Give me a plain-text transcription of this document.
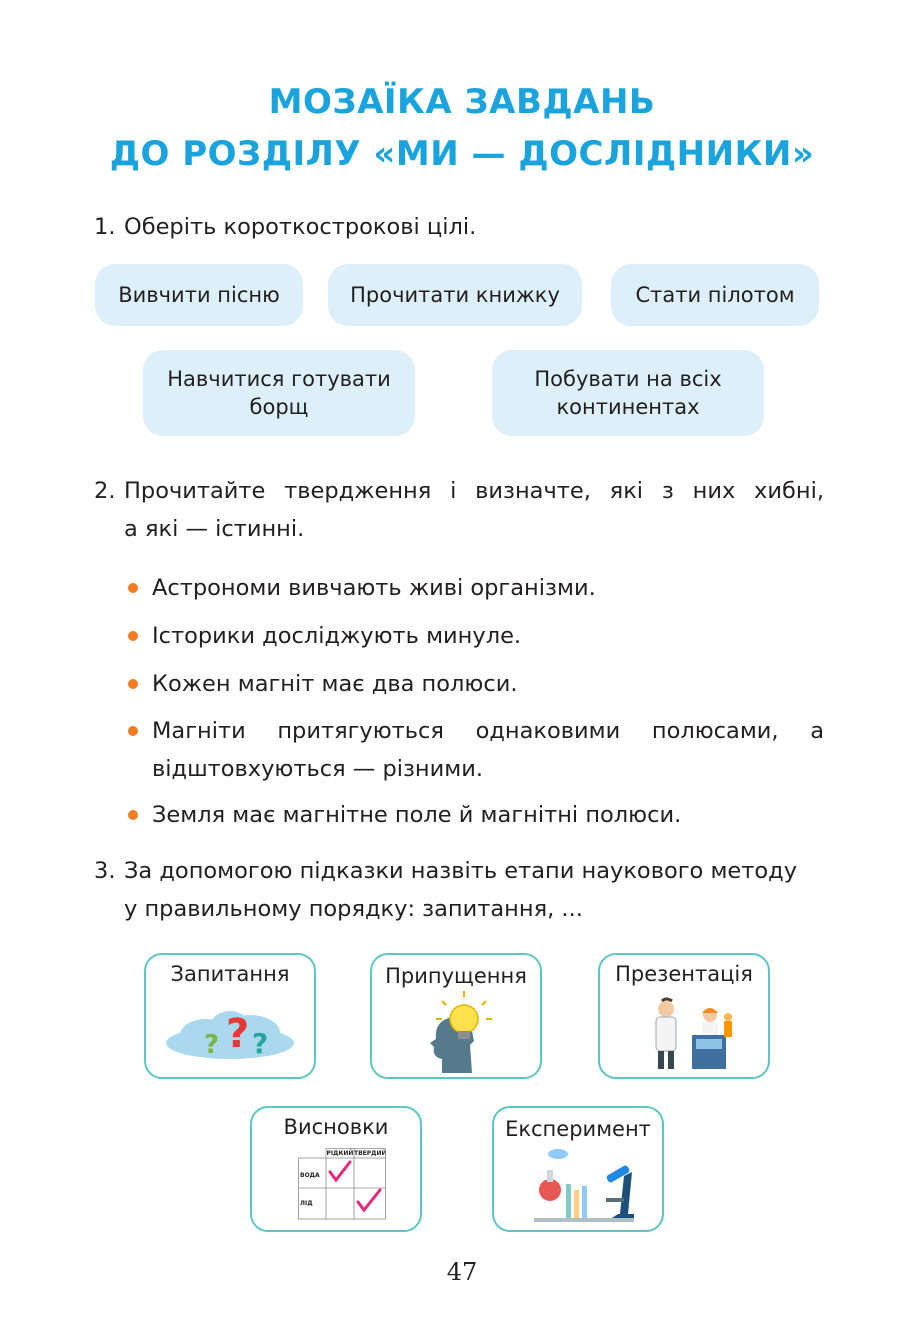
МОЗАЇКА ЗАВДАНЬ
ДО РОЗДІЛУ «МИ — ДОСЛІДНИКИ»
1. Оберіть короткострокові цілі.
Вивчити пісню	Прочитати книжку	Стати пілотом
Навчитися готувати борщ
Побувати на всіх континентах
2. Прочитайте твердження і визначте, які з них хибні,
а які — істинні.
Астрономи вивчають живі організми.
Історики досліджують минуле.
Кожен магніт має два полюси.
Магніти притягуються однаковими полюсами, а відштовхуються — різними.
Земля має магнітне поле й магнітні полюси.
3. За допомогою підказки назвіть етапи наукового методу
у правильному порядку: запитання, ...
Запитання
? ? ?
Припущення	Презентація
Висновки
РІДКИЙ ТВЕРДИЙ
ВОДА
ЛІД
Експеримент
47
